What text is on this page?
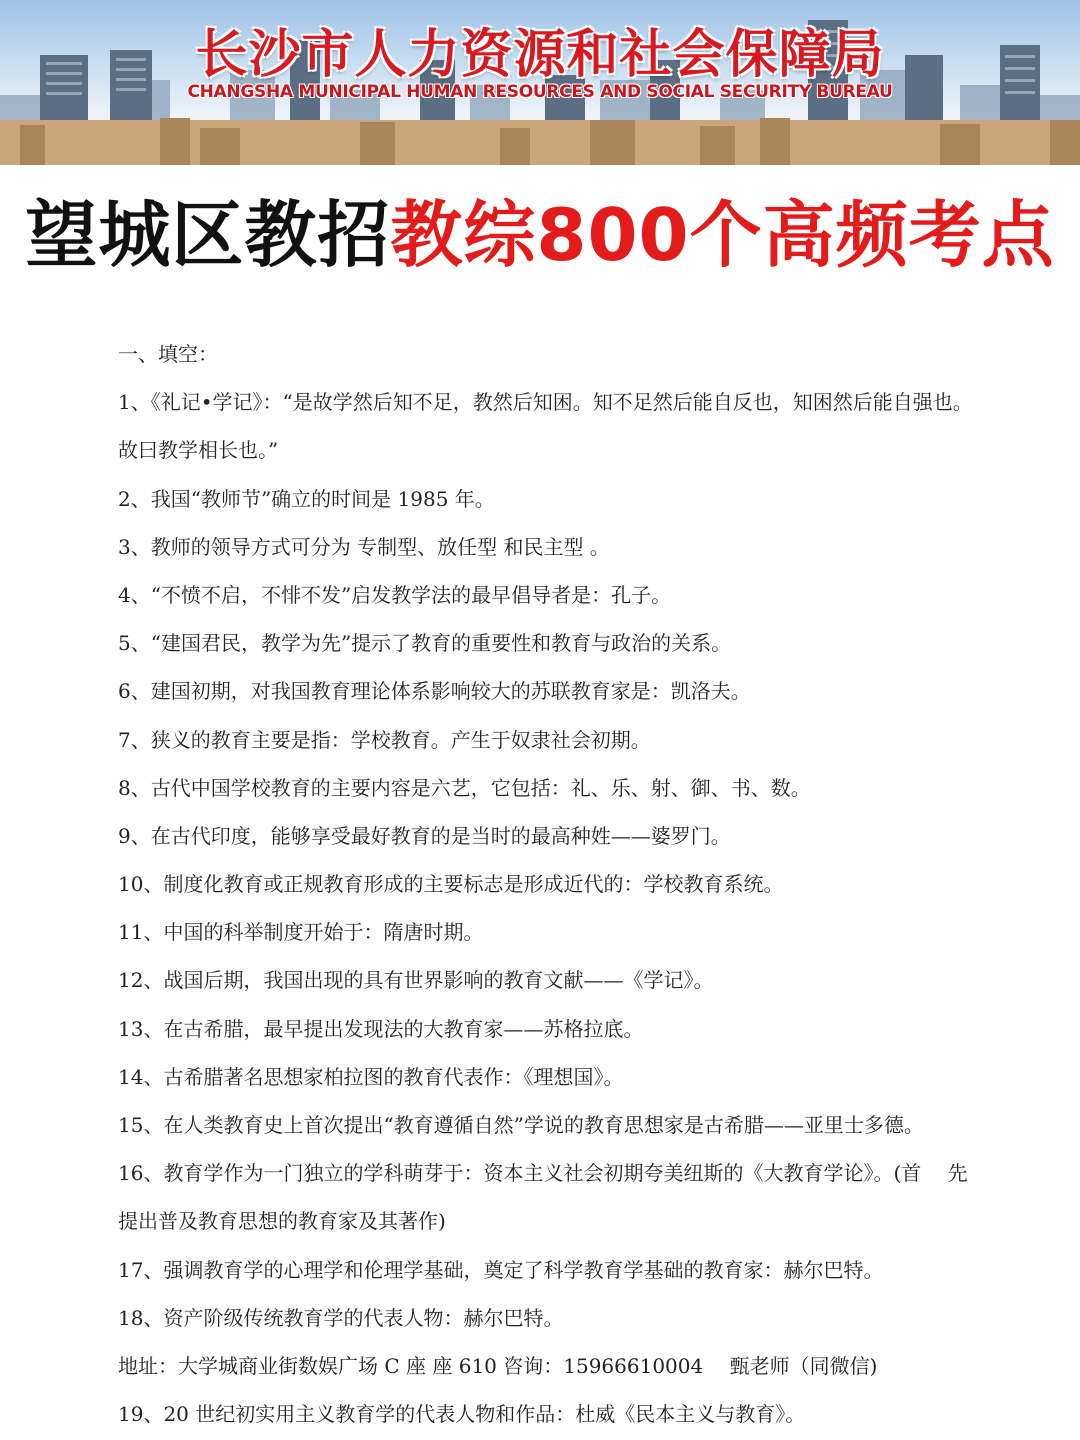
长沙市人力资源和社会保障局
CHANGSHA MUNICIPAL HUMAN RESOURCES AND SOCIAL SECURITY BUREAU
望城区教招教综800个高频考点
一、填空：
1、《礼记•学记》：“是故学然后知不足，教然后知困。知不足然后能自反也，知困然后能自强也。
故曰教学相长也。”
2、我国“教师节”确立的时间是 1985 年。
3、教师的领导方式可分为 专制型、放任型 和民主型 。
4、“不愤不启，不悱不发”启发教学法的最早倡导者是：孔子。
5、“建国君民，教学为先”提示了教育的重要性和教育与政治的关系。
6、建国初期，对我国教育理论体系影响较大的苏联教育家是：凯洛夫。
7、狭义的教育主要是指：学校教育。产生于奴隶社会初期。
8、古代中国学校教育的主要内容是六艺，它包括：礼、乐、射、御、书、数。
9、在古代印度，能够享受最好教育的是当时的最高种姓——婆罗门。
10、制度化教育或正规教育形成的主要标志是形成近代的：学校教育系统。
11、中国的科举制度开始于：隋唐时期。
12、战国后期，我国出现的具有世界影响的教育文献——《学记》。
13、在古希腊，最早提出发现法的大教育家——苏格拉底。
14、古希腊著名思想家柏拉图的教育代表作：《理想国》。
15、在人类教育史上首次提出“教育遵循自然”学说的教育思想家是古希腊——亚里士多德。
16、教育学作为一门独立的学科萌芽于：资本主义社会初期夸美纽斯的《大教育学论》。(首　 先
提出普及教育思想的教育家及其著作)
17、强调教育学的心理学和伦理学基础，奠定了科学教育学基础的教育家：赫尔巴特。
18、资产阶级传统教育学的代表人物：赫尔巴特。
地址：大学城商业街数娱广场 C 座 座 610 咨询：15966610004　 甄老师（同微信)
19、20 世纪初实用主义教育学的代表人物和作品：杜威《民本主义与教育》。
